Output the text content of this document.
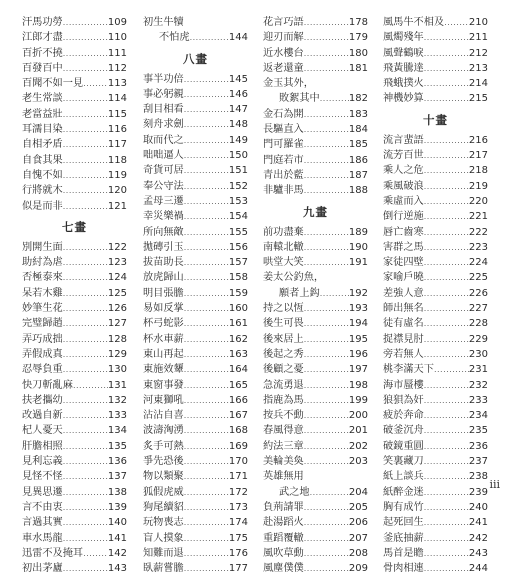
汗馬功勞 .....	109
江郎才盡 .....	110
百折不撓 .....	111
百發百中 .....	112
百聞不如一見 ..... 113
老生常談 .....	114
老當益壯 .....	115
耳濡目染 .....	116
自相矛盾 .....	117
自食其果 .....	118
自愧不如 .....	119
行將就木 .....	120
似是而非 .....	121
七畫
別開生面 .....	122
助紂為虐 .....	123
否極泰來 .....	124
呆若木雞 .....	125
妙筆生花 .....	126
完璧歸趙 .....	127
弄巧成拙 .....	128
弄假成真 .....	129
忍辱負重 .....	130
快刀斬亂麻 .....	131
扶老攜幼 .....	132
改過自新 .....	133
杞人憂天 .....	134
肝膽相照 .....	135
見利忘義 .....	136
見怪不怪 .....	137
見異思遷 .....	138
言不由衷 .....	139
言過其實 .....	140
車水馬龍 .....	141
迅雷不及掩耳 ..... 142
初出茅廬 .....	143
初生牛犢
不怕虎 .....	144
八畫
事半功倍 .....	145
事必躬親 .....	146
刮目相看 .....	147
刻舟求劍 .....	148
取而代之 .....	149
咄咄逼人 .....	150
奇貨可居 .....	151
奉公守法 .....	152
孟母三遷 .....	153
幸災樂禍 .....	154
所向無敵 .....	155
拋磚引玉 .....	156
拔苗助長 .....	157
放虎歸山 .....	158
明目張膽 .....	159
易如反掌 .....	160
杯弓蛇影 .....	161
杯水車薪 .....	162
東山再起 .....	163
東施效顰 .....	164
東窗事發 .....	165
河東獅吼 .....	166
沾沾自喜 .....	167
波濤洶湧 .....	168
炙手可熱 .....	169
爭先恐後 .....	170
物以類聚 .....	171
狐假虎威 .....	172
狗尾續貂 .....	173
玩物喪志 .....	174
盲人摸象 .....	175
知難而退 .....	176
臥薪嘗膽 .....	177
花言巧語 .....	178
迎刃而解 .....	179
近水樓台 .....	180
返老還童 .....	181
金玉其外，
敗絮其中 .....	182
金石為開 .....	183
長驅直入 .....	184
門可羅雀 .....	185
門庭若市 .....	186
青出於藍 .....	187
非驢非馬 .....	188
九畫
前功盡棄 .....	189
南轅北轍 .....	190
哄堂大笑 .....	191
姜太公釣魚，
願者上鈎 .....	192
持之以恆 .....	193
後生可畏 .....	194
後來居上 .....	195
後起之秀 .....	196
後顧之憂 .....	197
急流勇退 .....	198
指鹿為馬 .....	199
按兵不動 .....	200
春風得意 .....	201
約法三章 .....	202
美輪美奐 .....	203
英雄無用
武之地 .....	204
負荊請罪 .....	205
赴湯蹈火 .....	206
重蹈覆轍 .....	207
風吹草動 .....	208
風塵僕僕 .....	209
風馬牛不相及 ..... 210
風燭殘年 .....	211
風聲鶴唳 .....	212
飛黃騰達 .....	213
飛蛾撲火 .....	214
神機妙算 .....	215
十畫
流言蜚語 .....	216
流芳百世 .....	217
乘人之危 .....	218
乘風破浪 .....	219
乘虛而入 .....	220
倒行逆施 .....	221
唇亡齒寒 .....	222
害群之馬 .....	223
家徒四壁 .....	224
家喻戶曉 .....	225
差強人意 .....	226
師出無名 .....	227
徒有虛名 .....	228
捉襟見肘 .....	229
旁若無人 .....	230
桃李滿天下 .....	231
海市蜃樓 .....	232
狼狽為奸 .....	233
疲於奔命 .....	234
破釜沉舟 .....	235
破鏡重圓 .....	236
笑裏藏刀 .....	237
紙上談兵 .....	238
紙醉金迷 .....	239
胸有成竹 .....	240
起死回生 .....	241
釜底抽薪 .....	242
馬首是瞻 .....	243
骨肉相連 .....	244
iii
